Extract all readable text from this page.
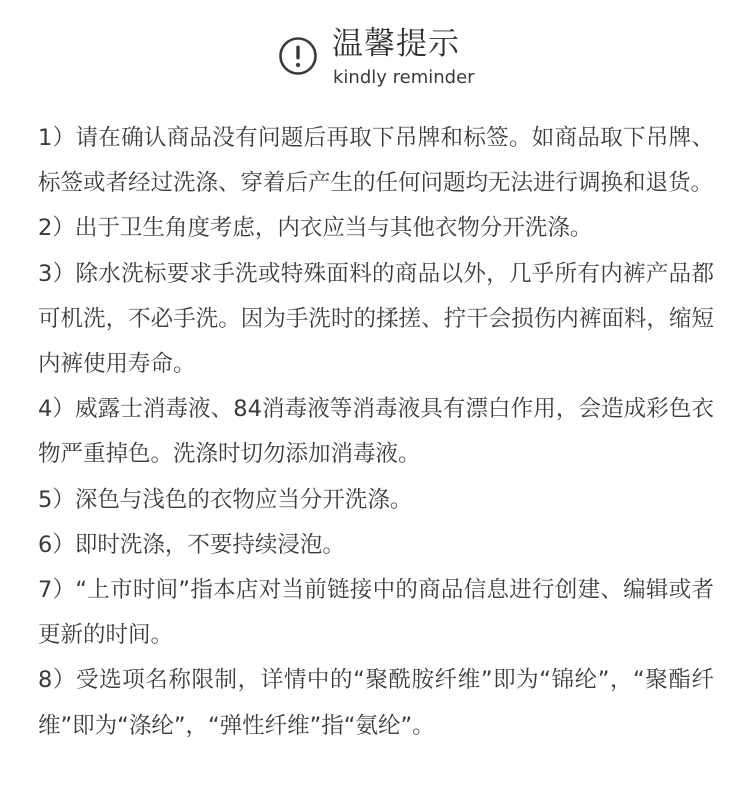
温馨提示
kindly reminder

1）请在确认商品没有问题后再取下吊牌和标签。如商品取下吊牌、标签或者经过洗涤、穿着后产生的任何问题均无法进行调换和退货。

2）出于卫生角度考虑，内衣应当与其他衣物分开洗涤。

3）除水洗标要求手洗或特殊面料的商品以外，几乎所有内裤产品都可机洗，不必手洗。因为手洗时的揉搓、拧干会损伤内裤面料，缩短内裤使用寿命。

4）威露士消毒液、84消毒液等消毒液具有漂白作用，会造成彩色衣物严重掉色。洗涤时切勿添加消毒液。

5）深色与浅色的衣物应当分开洗涤。

6）即时洗涤，不要持续浸泡。

7）“上市时间”指本店对当前链接中的商品信息进行创建、编辑或者更新的时间。

8）受选项名称限制，详情中的“聚酰胺纤维”即为“锦纶”，“聚酯纤维”即为“涤纶”，“弹性纤维”指“氨纶”。
